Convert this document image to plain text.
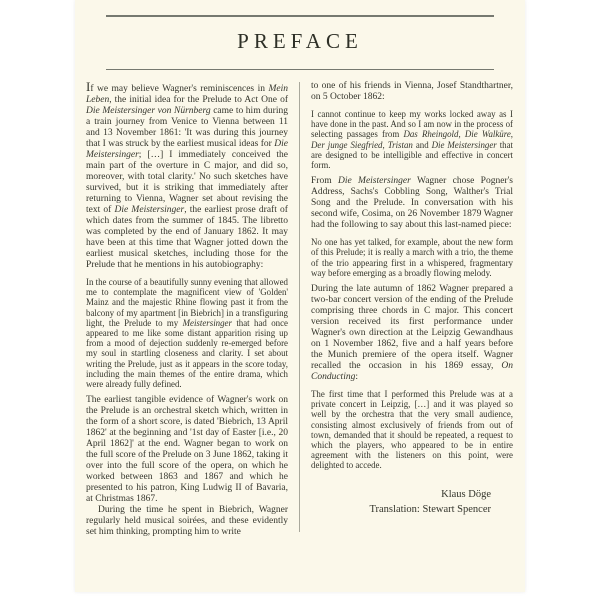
PREFACE

If we may believe Wagner's reminiscences in Mein Leben, the initial idea for the Prelude to Act One of Die Meistersinger von Nürnberg came to him during a train journey from Venice to Vienna between 11 and 13 November 1861: 'It was during this journey that I was struck by the earliest musical ideas for Die Meistersinger; […] I immediately conceived the main part of the overture in C major, and did so, moreover, with total clarity.' No such sketches have survived, but it is striking that immediately after returning to Vienna, Wagner set about revising the text of Die Meistersinger, the earliest prose draft of which dates from the summer of 1845. The libretto was completed by the end of January 1862. It may have been at this time that Wagner jotted down the earliest musical sketches, including those for the Prelude that he mentions in his autobiography:

In the course of a beautifully sunny evening that allowed me to contemplate the magnificent view of 'Golden' Mainz and the majestic Rhine flowing past it from the balcony of my apartment [in Biebrich] in a transfiguring light, the Prelude to my Meistersinger that had once appeared to me like some distant apparition rising up from a mood of dejection suddenly re-emerged before my soul in startling closeness and clarity. I set about writing the Prelude, just as it appears in the score today, including the main themes of the entire drama, which were already fully defined.

The earliest tangible evidence of Wagner's work on the Prelude is an orchestral sketch which, written in the form of a short score, is dated 'Biebrich, 13 April 1862' at the beginning and '1st day of Easter [i.e., 20 April 1862]' at the end. Wagner began to work on the full score of the Prelude on 3 June 1862, taking it over into the full score of the opera, on which he worked between 1863 and 1867 and which he presented to his patron, King Ludwig II of Bavaria, at Christmas 1867.

During the time he spent in Biebrich, Wagner regularly held musical soirées, and these evidently set him thinking, prompting him to write

to one of his friends in Vienna, Josef Standthartner, on 5 October 1862:

I cannot continue to keep my works locked away as I have done in the past. And so I am now in the process of selecting passages from Das Rheingold, Die Walküre, Der junge Siegfried, Tristan and Die Meistersinger that are designed to be intelligible and effective in concert form.

From Die Meistersinger Wagner chose Pogner's Address, Sachs's Cobbling Song, Walther's Trial Song and the Prelude. In conversation with his second wife, Cosima, on 26 November 1879 Wagner had the following to say about this last-named piece:

No one has yet talked, for example, about the new form of this Prelude; it is really a march with a trio, the theme of the trio appearing first in a whispered, fragmentary way before emerging as a broadly flowing melody.

During the late autumn of 1862 Wagner prepared a two-bar concert version of the ending of the Prelude comprising three chords in C major. This concert version received its first performance under Wagner's own direction at the Leipzig Gewandhaus on 1 November 1862, five and a half years before the Munich premiere of the opera itself. Wagner recalled the occasion in his 1869 essay, On Conducting:

The first time that I performed this Prelude was at a private concert in Leipzig, […] and it was played so well by the orchestra that the very small audience, consisting almost exclusively of friends from out of town, demanded that it should be repeated, a request to which the players, who appeared to be in entire agreement with the listeners on this point, were delighted to accede.

Klaus Döge
Translation: Stewart Spencer
